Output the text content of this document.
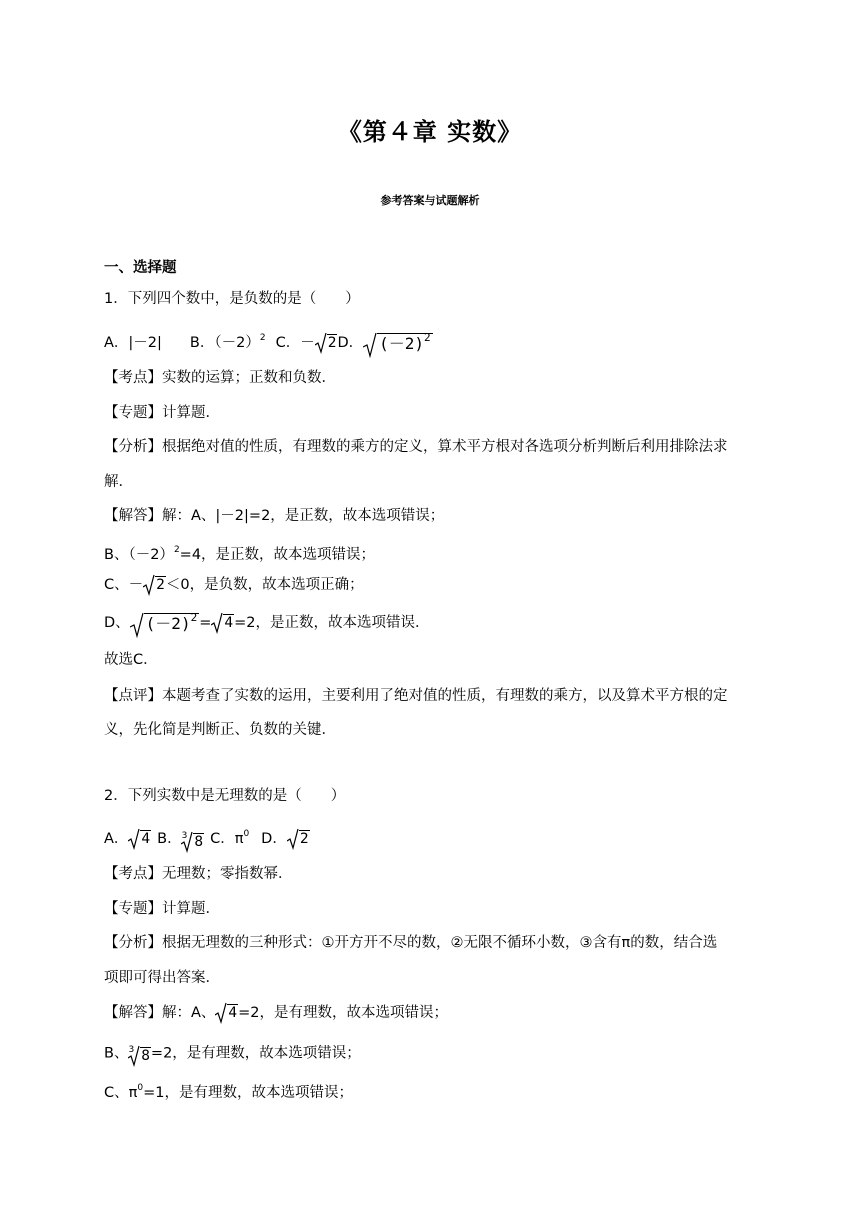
《第４章 实数》
参考答案与试题解析
一、选择题
1．下列四个数中，是负数的是（　　）
A．|－2| B．$(-2)^2$ C．－ 2D． $(-2)^2$
【考点】实数的运算；正数和负数．
【专题】计算题．
【分析】根据绝对值的性质，有理数的乘方的定义，算术平方根对各选项分析判断后利用排除法求
解．
【解答】解：A、|－2|=2，是正数，故本选项错误；
B、$(-2)^2=4$，是正数，故本选项错误；
C、－ 2＜0，是负数，故本选项正确；
D、 $(-2)^2 = 4=2$，是正数，故本选项错误．
故选C．
【点评】本题考查了实数的运用，主要利用了绝对值的性质，有理数的乘方，以及算术平方根的定
义，先化简是判断正、负数的关键．
2．下列实数中是无理数的是（　　）
A． 4 B．$^3$ 8 C．$\pi^0$ D． 2
【考点】无理数；零指数幂．
【专题】计算题．
【分析】根据无理数的三种形式：①开方开不尽的数，②无限不循环小数，③含有π的数，结合选
项即可得出答案．
【解答】解：A、 4=2，是有理数，故本选项错误；
B、$^3$ 8=2，是有理数，故本选项错误；
C、$\pi^0=1$，是有理数，故本选项错误；
